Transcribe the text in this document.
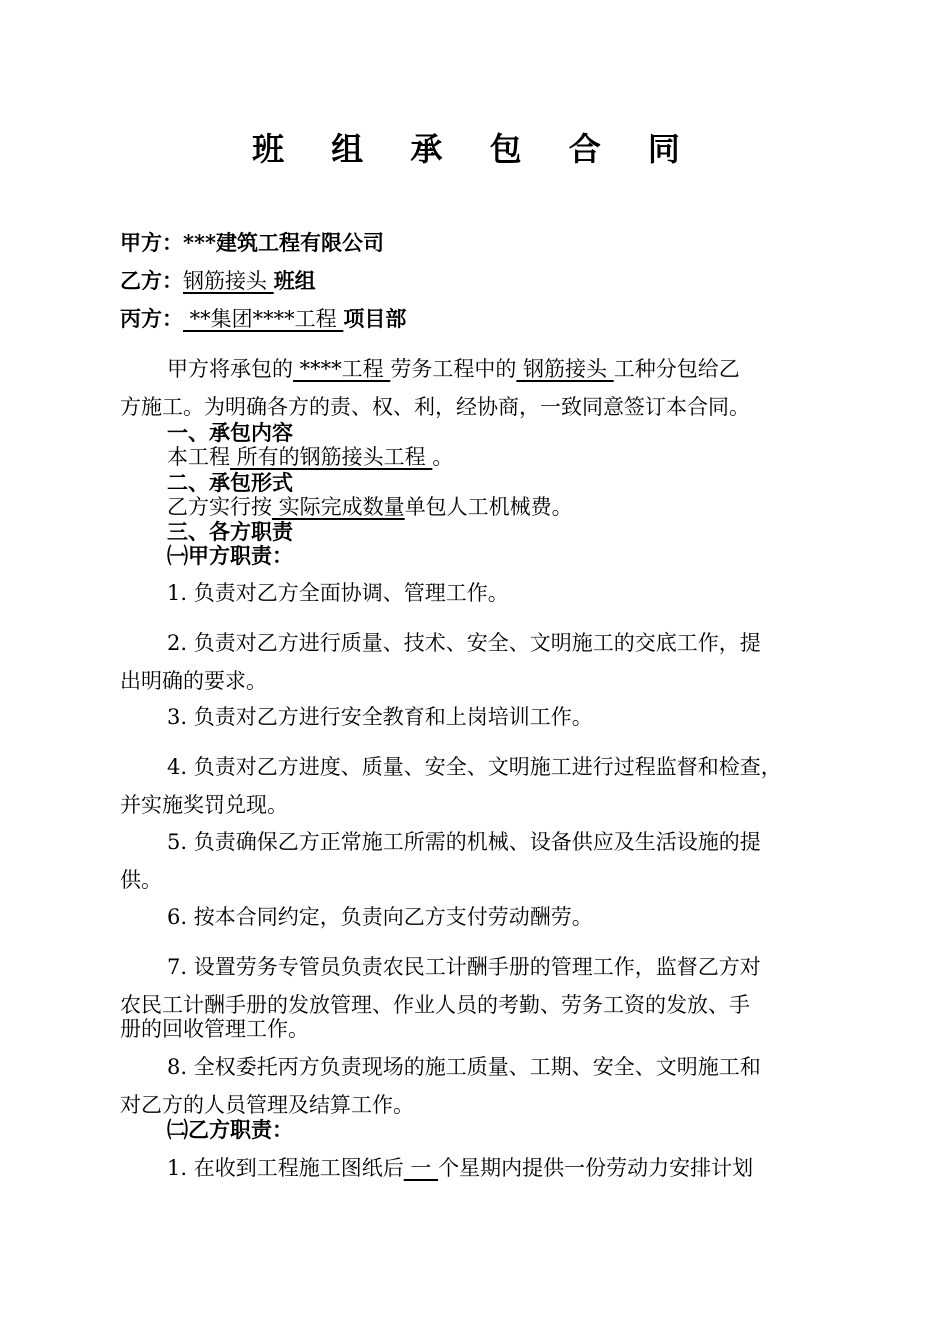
班 组 承 包 合 同
甲方：***建筑工程有限公司
乙方：钢筋接头 班组
丙方： **集团****工程 项目部
甲方将承包的 ****工程 劳务工程中的 钢筋接头 工种分包给乙
方施工。为明确各方的责、权、利，经协商，一致同意签订本合同。
一、承包内容
本工程 所有的钢筋接头工程 。
二、承包形式
乙方实行按 实际完成数量单包人工机械费。
三、各方职责
㈠甲方职责：
1. 负责对乙方全面协调、管理工作。
2. 负责对乙方进行质量、技术、安全、文明施工的交底工作，提
出明确的要求。
3. 负责对乙方进行安全教育和上岗培训工作。
4. 负责对乙方进度、质量、安全、文明施工进行过程监督和检查，
并实施奖罚兑现。
5. 负责确保乙方正常施工所需的机械、设备供应及生活设施的提
供。
6. 按本合同约定，负责向乙方支付劳动酬劳。
7. 设置劳务专管员负责农民工计酬手册的管理工作，监督乙方对
农民工计酬手册的发放管理、作业人员的考勤、劳务工资的发放、手
册的回收管理工作。
8. 全权委托丙方负责现场的施工质量、工期、安全、文明施工和
对乙方的人员管理及结算工作。
㈡乙方职责：
1. 在收到工程施工图纸后 一 个星期内提供一份劳动力安排计划
